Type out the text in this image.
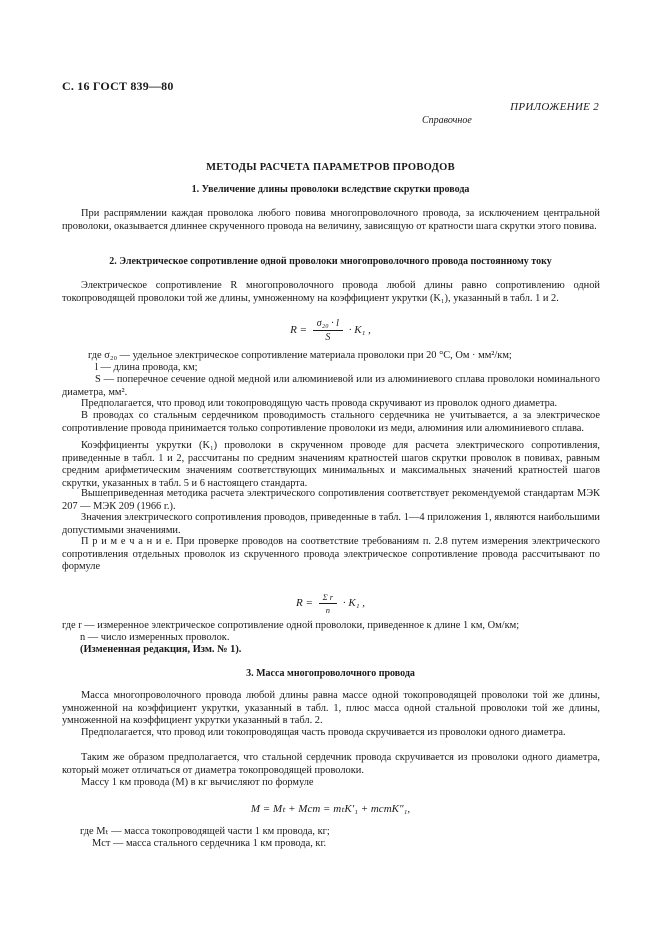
С. 16 ГОСТ 839—80
ПРИЛОЖЕНИЕ 2
Справочное
МЕТОДЫ РАСЧЕТА ПАРАМЕТРОВ ПРОВОДОВ
1. Увеличение длины проволоки вследствие скрутки провода
При распрямлении каждая проволока любого повива многопроволочного провода, за исключением центральной проволоки, оказывается длиннее скрученного провода на величину, зависящую от кратности шага скрутки этого повива.
2. Электрическое сопротивление одной проволоки многопроволочного провода постоянному току
Электрическое сопротивление R многопроволочного провода любой длины равно сопротивлению одной токопроводящей проволоки той же длины, умноженному на коэффициент укрутки (K₁), указанный в табл. 1 и 2.
$R = \frac{\text{σ₂₀ · l}}{S} \cdot K_1$ ,
где σ₂₀ — удельное электрическое сопротивление материала проволоки при 20 °С, Ом · мм²/км;
l — длина провода, км;
S — поперечное сечение одной медной или алюминиевой или из алюминиевого сплава проволоки номинального диаметра, мм².
Предполагается, что провод или токопроводящую часть провода скручивают из проволок одного диаметра.
В проводах со стальным сердечником проводимость стального сердечника не учитывается, а за электрическое сопротивление провода принимается только сопротивление проволоки из меди, алюминия или алюминиевого сплава.
Коэффициенты укрутки (K₁) проволоки в скрученном проводе для расчета электрического сопротивления, приведенные в табл. 1 и 2, рассчитаны по средним значениям кратностей шагов скрутки проволок в повивах, равным средним арифметическим значениям соответствующих минимальных и максимальных значений кратностей шагов скрутки, указанных в табл. 5 и 6 настоящего стандарта.
Вышеприведенная методика расчета электрического сопротивления соответствует рекомендуемой стандартам МЭК 207 — МЭК 209 (1966 г.).
Значения электрического сопротивления проводов, приведенные в табл. 1—4 приложения 1, являются наибольшими допустимыми значениями.
П р и м е ч а н и е. При проверке проводов на соответствие требованиям п. 2.8 путем измерения электрического сопротивления отдельных проволок из скрученного провода электрическое сопротивление провода рассчитывают по формуле
$R = \frac{\text{Σ r}}{n} \cdot K_1$ ,
где r — измеренное электрическое сопротивление одной проволоки, приведенное к длине 1 км, Ом/км;
n — число измеренных проволок.
(Измененная редакция, Изм. № 1).
3. Масса многопроволочного провода
Масса многопроволочного провода любой длины равна массе одной токопроводящей проволоки той же длины, умноженной на коэффициент укрутки, указанный в табл. 1, плюс масса одной стальной проволоки той же длины, умноженной на коэффициент укрутки указанный в табл. 2.
Предполагается, что провод или токопроводящая часть провода скручивается из проволоки одного диаметра.
Таким же образом предполагается, что стальной сердечник провода скручивается из проволоки одного диаметра, который может отличаться от диаметра токопроводящей проволоки.
Массу 1 км провода (М) в кг вычисляют по формуле
M = Mₜ + Mст = mₜK′₁ + mстK″₁,
где Mₜ — масса токопроводящей части 1 км провода, кг;
Mст — масса стального сердечника 1 км провода, кг.
